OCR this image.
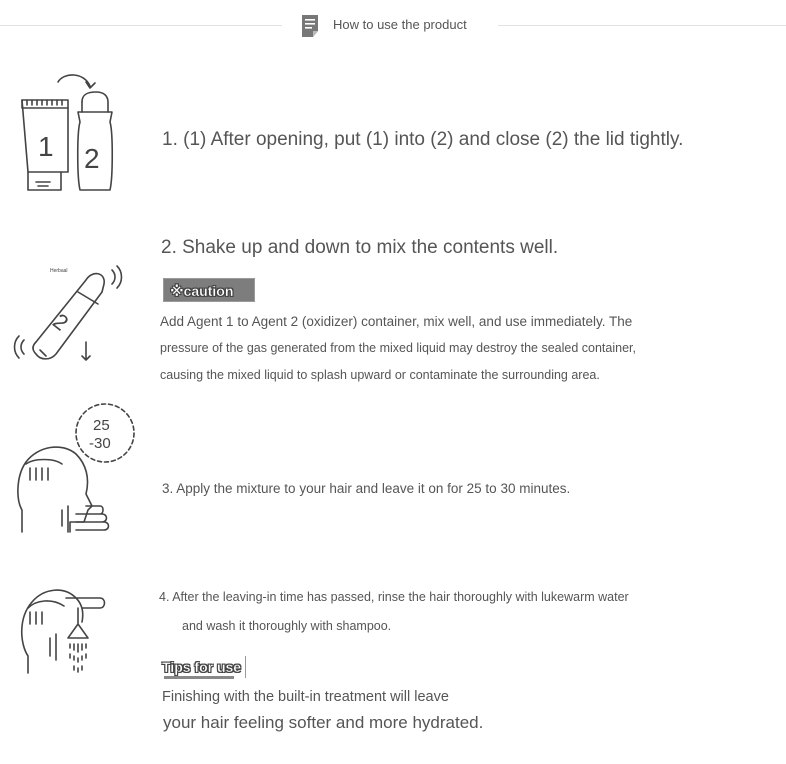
How to use the product
1 2
1. (1) After opening, put (1) into (2) and close (2) the lid tightly.
Herbaal
2
2. Shake up and down to mix the contents well.
※caution
Add Agent 1 to Agent 2 (oxidizer) container, mix well, and use immediately. The
pressure of the gas generated from the mixed liquid may destroy the sealed container,
causing the mixed liquid to splash upward or contaminate the surrounding area.
25
-30
3. Apply the mixture to your hair and leave it on for 25 to 30 minutes.
4. After the leaving-in time has passed, rinse the hair thoroughly with lukewarm water
and wash it thoroughly with shampoo.
Tips for use
Finishing with the built-in treatment will leave
your hair feeling softer and more hydrated.
